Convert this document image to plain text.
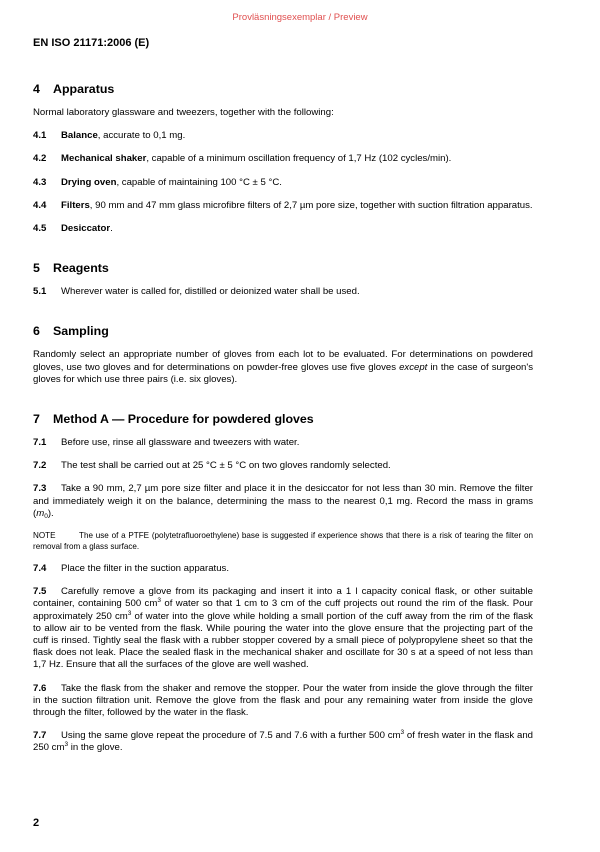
Provläsningsexemplar / Preview
EN ISO 21171:2006 (E)
4 Apparatus

Normal laboratory glassware and tweezers, together with the following:

4.1 Balance, accurate to 0,1 mg.

4.2 Mechanical shaker, capable of a minimum oscillation frequency of 1,7 Hz (102 cycles/min).

4.3 Drying oven, capable of maintaining 100 °C ± 5 °C.

4.4 Filters, 90 mm and 47 mm glass microfibre filters of 2,7 µm pore size, together with suction filtration apparatus.

4.5 Desiccator.

5 Reagents

5.1 Wherever water is called for, distilled or deionized water shall be used.

6 Sampling

Randomly select an appropriate number of gloves from each lot to be evaluated. For determinations on powdered gloves, use two gloves and for determinations on powder-free gloves use five gloves except in the case of surgeon's gloves for which use three pairs (i.e. six gloves).

7 Method A — Procedure for powdered gloves

7.1 Before use, rinse all glassware and tweezers with water.

7.2 The test shall be carried out at 25 °C ± 5 °C on two gloves randomly selected.

7.3 Take a 90 mm, 2,7 µm pore size filter and place it in the desiccator for not less than 30 min. Remove the filter and immediately weigh it on the balance, determining the mass to the nearest 0,1 mg. Record the mass in grams $(m_0)$.

NOTE	The use of a PTFE (polytetrafluoroethylene) base is suggested if experience shows that there is a risk of tearing the filter on removal from a glass surface.

7.4 Place the filter in the suction apparatus.

7.5 Carefully remove a glove from its packaging and insert it into a 1 l capacity conical flask, or other suitable container, containing 500 $cm^3$ of water so that 1 cm to 3 cm of the cuff projects out round the rim of the flask. Pour approximately 250 $cm^3$ of water into the glove while holding a small portion of the cuff away from the rim of the flask to allow air to be vented from the flask. While pouring the water into the glove ensure that the projecting part of the cuff is rinsed. Tightly seal the flask with a rubber stopper covered by a small piece of polypropylene sheet so that the flask does not leak. Place the sealed flask in the mechanical shaker and oscillate for 30 s at a speed of not less than 1,7 Hz. Ensure that all the surfaces of the glove are well washed.

7.6 Take the flask from the shaker and remove the stopper. Pour the water from inside the glove through the filter in the suction filtration unit. Remove the glove from the flask and pour any remaining water from inside the glove through the filter, followed by the water in the flask.

7.7 Using the same glove repeat the procedure of 7.5 and 7.6 with a further 500 $cm^3$ of fresh water in the flask and 250 $cm^3$ in the glove.

2
